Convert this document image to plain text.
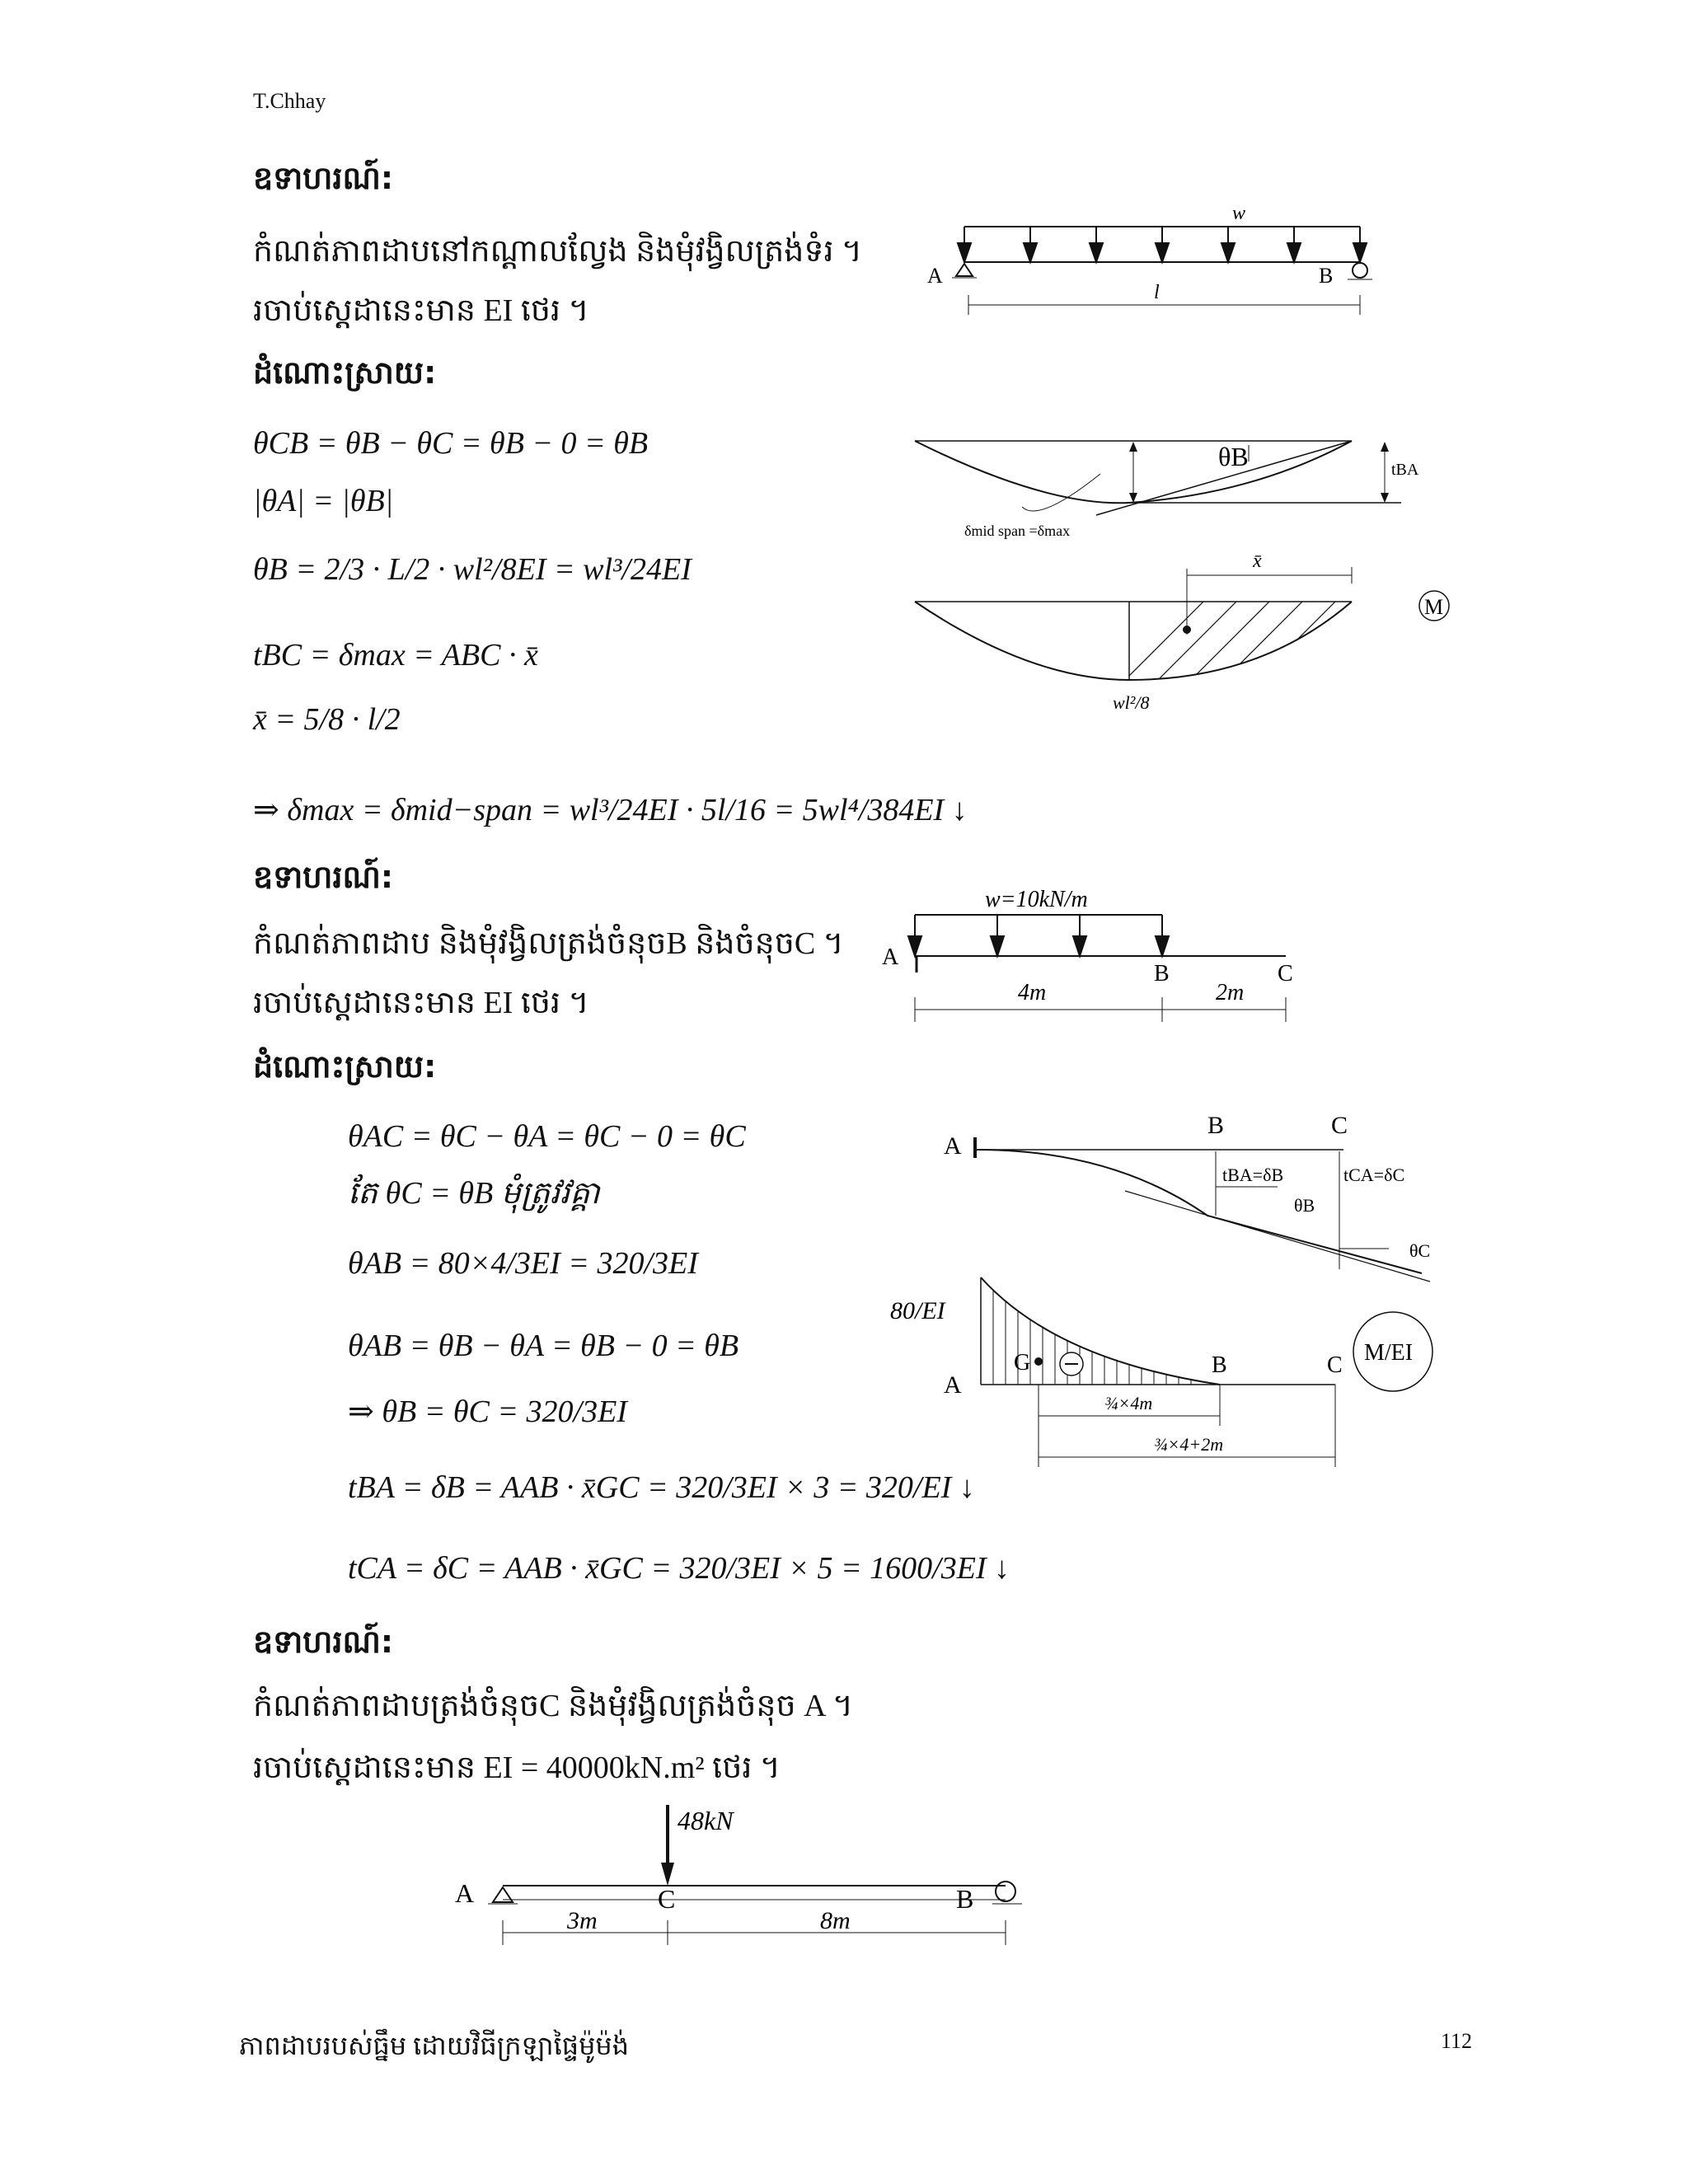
T.Chhay
ឧទាហរណ៍:
កំណត់ភាពដាបនៅកណ្ដាលល្វែង និងមុំវង្វិលត្រង់ទំរ ។
រចាប់ស្តេដានេះមាន EI ថេរ ។
ដំណោះស្រាយ:
θCB = θB − θC = θB − 0 = θB
|θA| = |θB|
θB = 2/3 · L/2 · wl²/8EI = wl³/24EI
tBC = δmax = ABC · x̄
x̄ = 5/8 · l/2
⇒ δmax = δmid−span = wl³/24EI · 5l/16 = 5wl⁴/384EI ↓
w
A	B
l
θB	tBA
δmid span =δmax
x̄
wl²/8
M
ឧទាហរណ៍:
កំណត់ភាពដាប និងមុំវង្វិលត្រង់ចំនុចB និងចំនុចC ។
រចាប់ស្តេដានេះមាន EI ថេរ ។
ដំណោះស្រាយ:
θAC = θC − θA = θC − 0 = θC
តែ θC = θB មុំត្រូវវគ្គា
θAB = 80×4/3EI = 320/3EI
θAB = θB − θA = θB − 0 = θB
⇒ θB = θC = 320/3EI
tBA = δB = AAB · x̄GC = 320/3EI × 3 = 320/EI ↓
tCA = δC = AAB · x̄GC = 320/3EI × 5 = 1600/3EI ↓
w=10kN/m
A
B	C
4m	2m
A
B	C
tBA=δB	tCA=δC
θB
θC
80/EI
A
G	B	C M/EI
¾×4m
¾×4+2m
ឧទាហរណ៍:
កំណត់ភាពដាបត្រង់ចំនុចC និងមុំវង្វិលត្រង់ចំនុច A ។
រចាប់ស្តេដានេះមាន EI = 40000kN.m² ថេរ ។
48kN
A	C	B
3m	8m
ភាពដាបរបស់ធ្នឹម ដោយវិធីក្រឡាផ្ទៃម៉ូម៉ង់	112
